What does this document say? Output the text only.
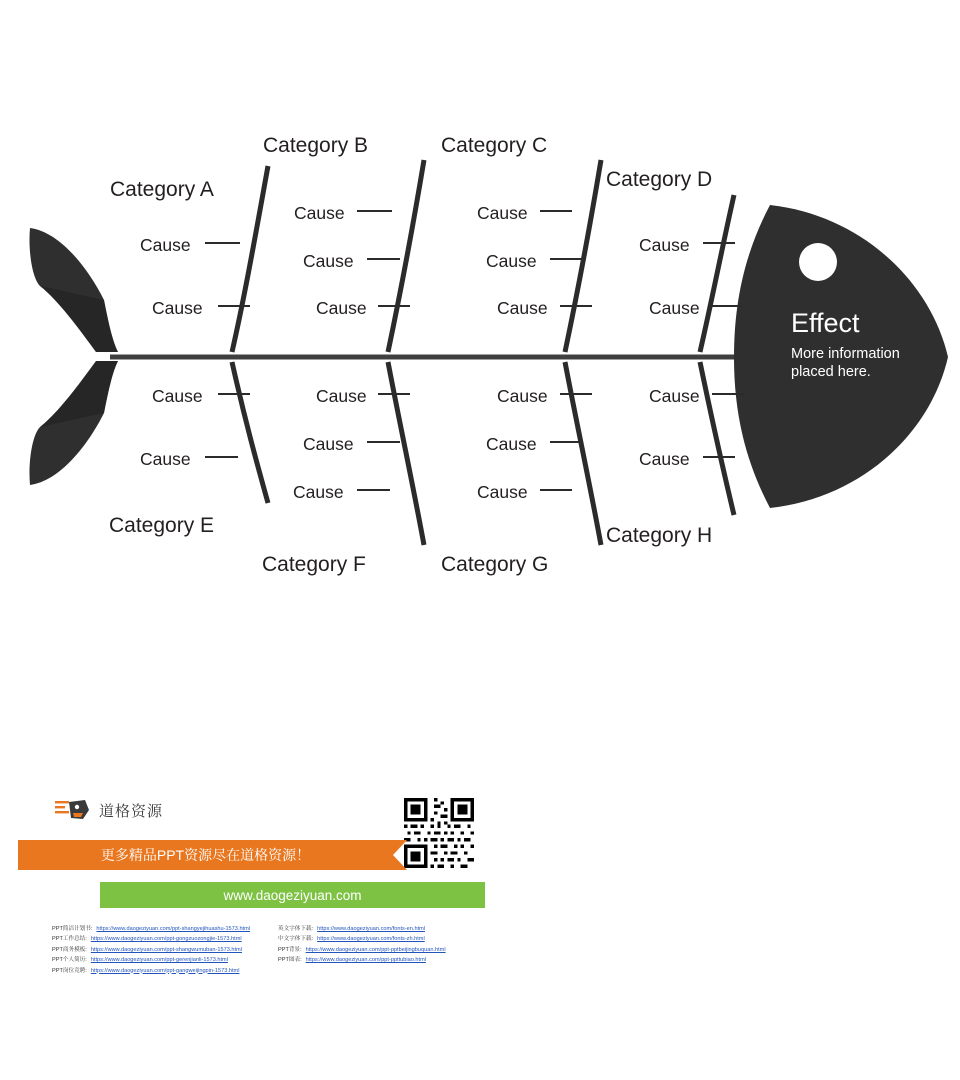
Category A
Category B	Category C
Category D
Category E
Category F	Category G
Category H
Cause
Cause
Cause
Cause
Cause
Cause
Cause
Cause
Cause
Cause
Cause
Cause
Cause
Cause
Cause
Cause
Cause
Cause
Cause
Cause
Effect
More information
placed here.
道格资源
更多精品PPT资源尽在道格资源！
www.daogeziyuan.com
PPT简洁计划书: https://www.daogeziyuan.com/ppt-shangyejihuashu-1573.html
PPT工作总结: https://www.daogeziyuan.com/ppt-gongzuozongjie-1573.html
PPT商务模板: https://www.daogeziyuan.com/ppt-shangwumuban-1573.html
PPT个人简历: https://www.daogeziyuan.com/ppt-gerenjianli-1573.html
PPT岗位竞聘: https://www.daogeziyuan.com/ppt-gangweijingpin-1573.html
英文字体下载: https://www.daogeziyuan.com/fonts-en.html
中文字体下载: https://www.daogeziyuan.com/fonts-zh.html
PPT背景: https://www.daogeziyuan.com/ppt-pptbeijingbuquan.html
PPT图表: https://www.daogeziyuan.com/ppt-ppttubiao.html
